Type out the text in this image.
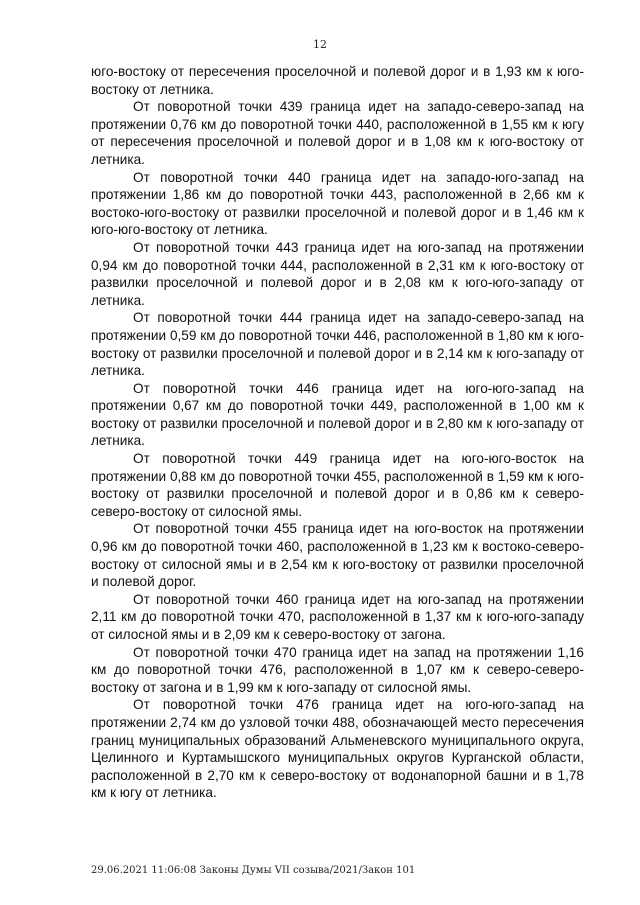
12

юго-востоку от пересечения проселочной и полевой дорог и в 1,93 км к юго-востоку от летника.

От поворотной точки 439 граница идет на западо-северо-запад на протяжении 0,76 км до поворотной точки 440, расположенной в 1,55 км к югу от пересечения проселочной и полевой дорог и в 1,08 км к юго-востоку от летника.

От поворотной точки 440 граница идет на западо-юго-запад на протяжении 1,86 км до поворотной точки 443, расположенной в 2,66 км к востоко-юго-востоку от развилки проселочной и полевой дорог и в 1,46 км к юго-юго-востоку от летника.

От поворотной точки 443 граница идет на юго-запад на протяжении 0,94 км до поворотной точки 444, расположенной в 2,31 км к юго-востоку от развилки проселочной и полевой дорог и в 2,08 км к юго-юго-западу от летника.

От поворотной точки 444 граница идет на западо-северо-запад на протяжении 0,59 км до поворотной точки 446, расположенной в 1,80 км к юго-востоку от развилки проселочной и полевой дорог и в 2,14 км к юго-западу от летника.

От поворотной точки 446 граница идет на юго-юго-запад на протяжении 0,67 км до поворотной точки 449, расположенной в 1,00 км к востоку от развилки проселочной и полевой дорог и в 2,80 км к юго-западу от летника.

От поворотной точки 449 граница идет на юго-юго-восток на протяжении 0,88 км до поворотной точки 455, расположенной в 1,59 км к юго-востоку от развилки проселочной и полевой дорог и в 0,86 км к северо-северо-востоку от силосной ямы.

От поворотной точки 455 граница идет на юго-восток на протяжении 0,96 км до поворотной точки 460, расположенной в 1,23 км к востоко-северо-востоку от силосной ямы и в 2,54 км к юго-востоку от развилки проселочной и полевой дорог.

От поворотной точки 460 граница идет на юго-запад на протяжении 2,11 км до поворотной точки 470, расположенной в 1,37 км к юго-юго-западу от силосной ямы и в 2,09 км к северо-востоку от загона.

От поворотной точки 470 граница идет на запад на протяжении 1,16 км до поворотной точки 476, расположенной в 1,07 км к северо-северо-востоку от загона и в 1,99 км к юго-западу от силосной ямы.

От поворотной точки 476 граница идет на юго-юго-запад на протяжении 2,74 км до узловой точки 488, обозначающей место пересечения границ муниципальных образований Альменевского муниципального округа, Целинного и Куртамышского муниципальных округов Курганской области, расположенной в 2,70 км к северо-востоку от водонапорной башни и в 1,78 км к югу от летника.

29.06.2021 11:06:08 Законы Думы VII созыва/2021/Закон 101
